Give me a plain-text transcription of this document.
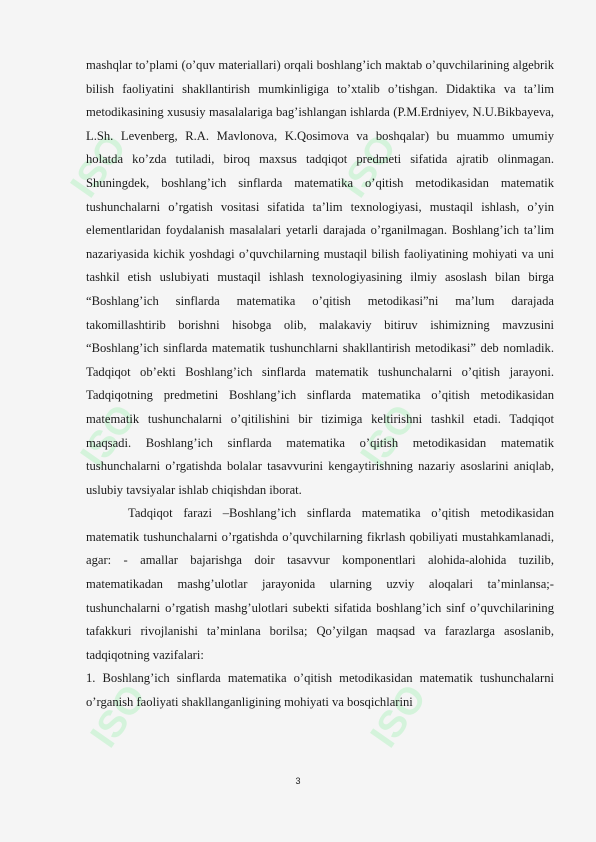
ISO	ISO
ISO	ISO
ISO	ISO

mashqlar to’plami (o’quv materiallari) orqali boshlang’ich maktab o’quvchilarining algebrik bilish faoliyatini shakllantirish mumkinligiga to’xtalib o’tishgan. Didaktika va ta’lim metodikasining xususiy masalalariga bag’ishlangan ishlarda (P.M.Erdniyev, N.U.Bikbayeva, L.Sh. Levenberg, R.A. Mavlonova, K.Qosimova va boshqalar) bu muammo umumiy holatda ko’zda tutiladi, biroq maxsus tadqiqot predmeti sifatida ajratib olinmagan. Shuningdek, boshlang’ich sinflarda matematika o’qitish metodikasidan matematik tushunchalarni o’rgatish vositasi sifatida ta’lim texnologiyasi, mustaqil ishlash, o’yin elementlaridan foydalanish masalalari yetarli darajada o’rganilmagan. Boshlang’ich ta’lim nazariyasida kichik yoshdagi o’quvchilarning mustaqil bilish faoliyatining mohiyati va uni tashkil etish uslubiyati mustaqil ishlash texnologiyasining ilmiy asoslash bilan birga “Boshlang’ich sinflarda matematika o’qitish metodikasi”ni ma’lum darajada takomillashtirib borishni hisobga olib, malakaviy bitiruv ishimizning mavzusini “Boshlang’ich sinflarda matematik tushunchlarni shakllantirish metodikasi” deb nomladik. Tadqiqot ob’ekti Boshlang’ich sinflarda matematik tushunchalarni o’qitish jarayoni. Tadqiqotning predmetini Boshlang’ich sinflarda matematika o’qitish metodikasidan matematik tushunchalarni o’qitilishini bir tizimiga keltirishni tashkil etadi. Tadqiqot maqsadi. Boshlang’ich sinflarda matematika o’qitish metodikasidan matematik tushunchalarni o’rgatishda bolalar tasavvurini kengaytirishning nazariy asoslarini aniqlab, uslubiy tavsiyalar ishlab chiqishdan iborat.

Tadqiqot farazi –Boshlang’ich sinflarda matematika o’qitish metodikasidan matematik tushunchalarni o’rgatishda o’quvchilarning fikrlash qobiliyati mustahkamlanadi, agar: - amallar bajarishga doir tasavvur komponentlari alohida-alohida tuzilib, matematikadan mashg’ulotlar jarayonida ularning uzviy aloqalari ta’minlansa;-tushunchalarni o’rgatish mashg’ulotlari subekti sifatida boshlang’ich sinf o’quvchilarining tafakkuri rivojlanishi ta’minlana borilsa; Qo’yilgan maqsad va farazlarga asoslanib, tadqiqotning vazifalari:

1. Boshlang’ich sinflarda matematika o’qitish metodikasidan matematik tushunchalarni o’rganish faoliyati shakllanganligining mohiyati va bosqichlarini

3
